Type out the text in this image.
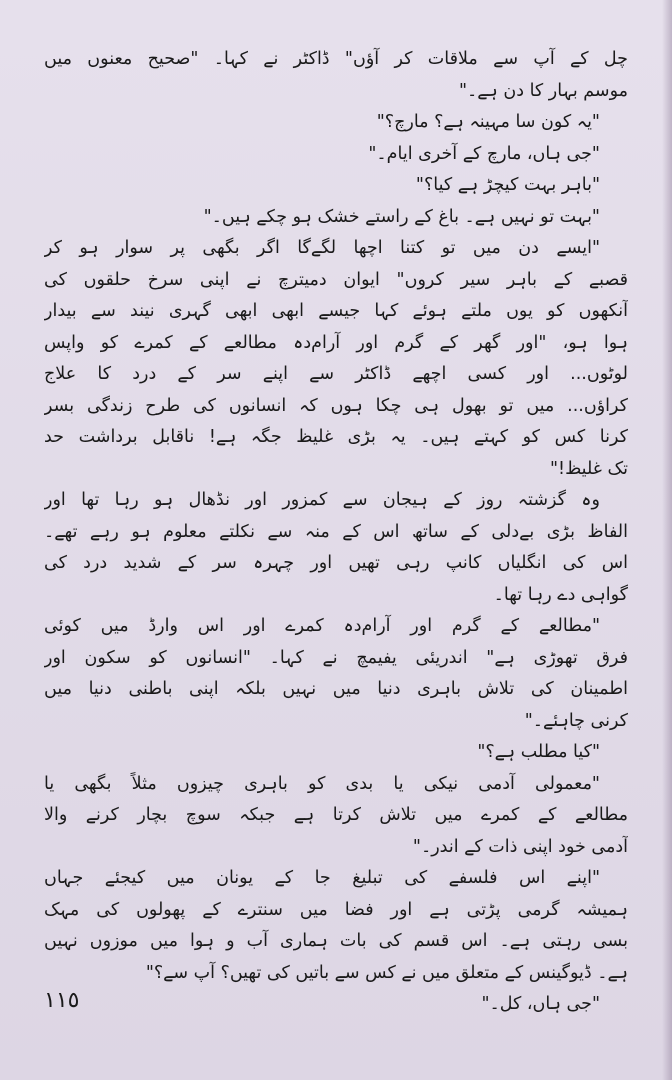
چل کے آپ سے ملاقات کر آؤں" ڈاکٹر نے کہا۔ "صحیح معنوں میں
موسم بہار کا دن ہے۔"
"یہ کون سا مہینہ ہے؟ مارچ؟"
"جی ہاں، مارچ کے آخری ایام۔"
"باہر بہت کیچڑ ہے کیا؟"
"بہت تو نہیں ہے۔ باغ کے راستے خشک ہو چکے ہیں۔"
"ایسے دن میں تو کتنا اچھا لگےگا اگر بگھی پر سوار ہو کر
قصبے کے باہر سیر کروں" ایوان دمیترچ نے اپنی سرخ حلقوں کی
آنکھوں کو یوں ملتے ہوئے کہا جیسے ابھی ابھی گہری نیند سے بیدار
ہوا ہو، "اور گھر کے گرم اور آرام‌دہ مطالعے کے کمرے کو واپس
لوٹوں... اور کسی اچھے ڈاکٹر سے اپنے سر کے درد کا علاج
کراؤں... میں تو بھول ہی چکا ہوں کہ انسانوں کی طرح زندگی بسر
کرنا کس کو کہتے ہیں۔ یہ بڑی غلیظ جگہ ہے! ناقابل برداشت حد
تک غلیظ!"
وہ گزشتہ روز کے ہیجان سے کمزور اور نڈھال ہو رہا تھا اور
الفاظ بڑی بےدلی کے ساتھ اس کے منہ سے نکلتے معلوم ہو رہے تھے۔
اس کی انگلیاں کانپ رہی تھیں اور چہرہ سر کے شدید درد کی
گواہی دے رہا تھا۔
"مطالعے کے گرم اور آرام‌دہ کمرے اور اس وارڈ میں کوئی
فرق تھوڑی ہے" اندریئی یفیمچ نے کہا۔ "انسانوں کو سکون اور
اطمینان کی تلاش باہری دنیا میں نہیں بلکہ اپنی باطنی دنیا میں
کرنی چاہئے۔"
"کیا مطلب ہے؟"
"معمولی آدمی نیکی یا بدی کو باہری چیزوں مثلاً بگھی یا
مطالعے کے کمرے میں تلاش کرتا ہے جبکہ سوچ بچار کرنے والا
آدمی خود اپنی ذات کے اندر۔"
"اپنے اس فلسفے کی تبلیغ جا کے یونان میں کیجئے جہاں
ہمیشہ گرمی پڑتی ہے اور فضا میں سنترے کے پھولوں کی مہک
بسی رہتی ہے۔ اس قسم کی بات ہماری آب و ہوا میں موزوں نہیں
ہے۔ ڈیوگینس کے متعلق میں نے کس سے باتیں کی تھیں؟ آپ سے؟"
"جی ہاں، کل۔"
١١٥
